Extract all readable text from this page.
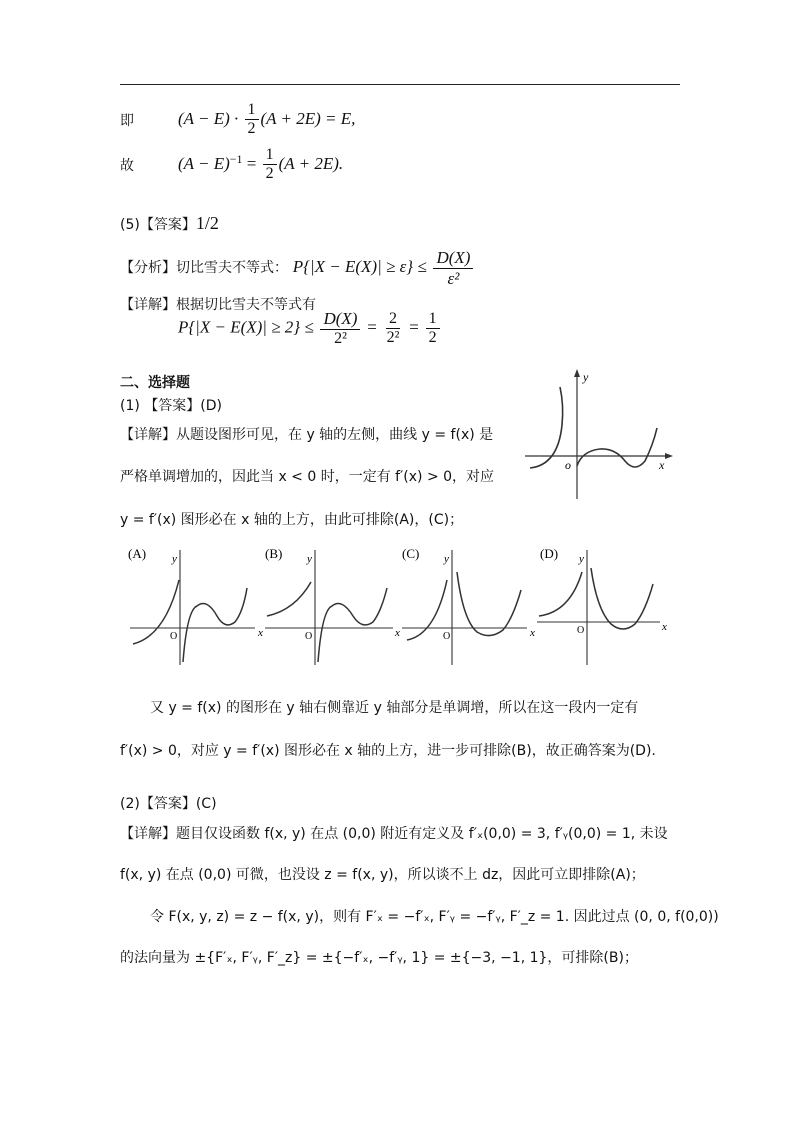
即	$(A - E) \cdot \frac{1}{2} (A + 2E) = E$,
故	$(A - E)^{-1} = \frac{1}{2} (A + 2E)$.
(5)【答案】1/2
【分析】切比雪夫不等式： $P\{|X - E(X)| \ge \varepsilon\} \le \frac{D(X)}{\text{ε²}}$
【详解】根据切比雪夫不等式有
$P\{|X - E(X)| \ge 2\} \le \frac{D(X)}{\text{2²}} = \frac{2}{\text{2²}} = \frac{1}{2}$
二、选择题
(1) 【答案】(D)
【详解】从题设图形可见，在 y 轴的左侧，曲线 y = f(x) 是
严格单调增加的，因此当 x < 0 时，一定有 f′(x) > 0，对应
y = f′(x) 图形必在 x 轴的上方，由此可排除(A)，(C)；
y
x
o
(A) y
x
O
(B) y
x
O
(C) y
x
O
(D) y
x
O
又 y = f(x) 的图形在 y 轴右侧靠近 y 轴部分是单调增，所以在这一段内一定有
f′(x) > 0，对应 y = f′(x) 图形必在 x 轴的上方，进一步可排除(B)，故正确答案为(D).
(2)【答案】(C)
【详解】题目仅设函数 f(x, y) 在点 (0,0) 附近有定义及 f′ₓ(0,0) = 3, f′ᵧ(0,0) = 1, 未设
f(x, y) 在点 (0,0) 可微，也没设 z = f(x, y)，所以谈不上 dz，因此可立即排除(A)；
令 F(x, y, z) = z − f(x, y)，则有 F′ₓ = −f′ₓ, F′ᵧ = −f′ᵧ, F′_z = 1. 因此过点 (0, 0, f(0,0))
的法向量为 ±{F′ₓ, F′ᵧ, F′_z} = ±{−f′ₓ, −f′ᵧ, 1} = ±{−3, −1, 1}，可排除(B)；
